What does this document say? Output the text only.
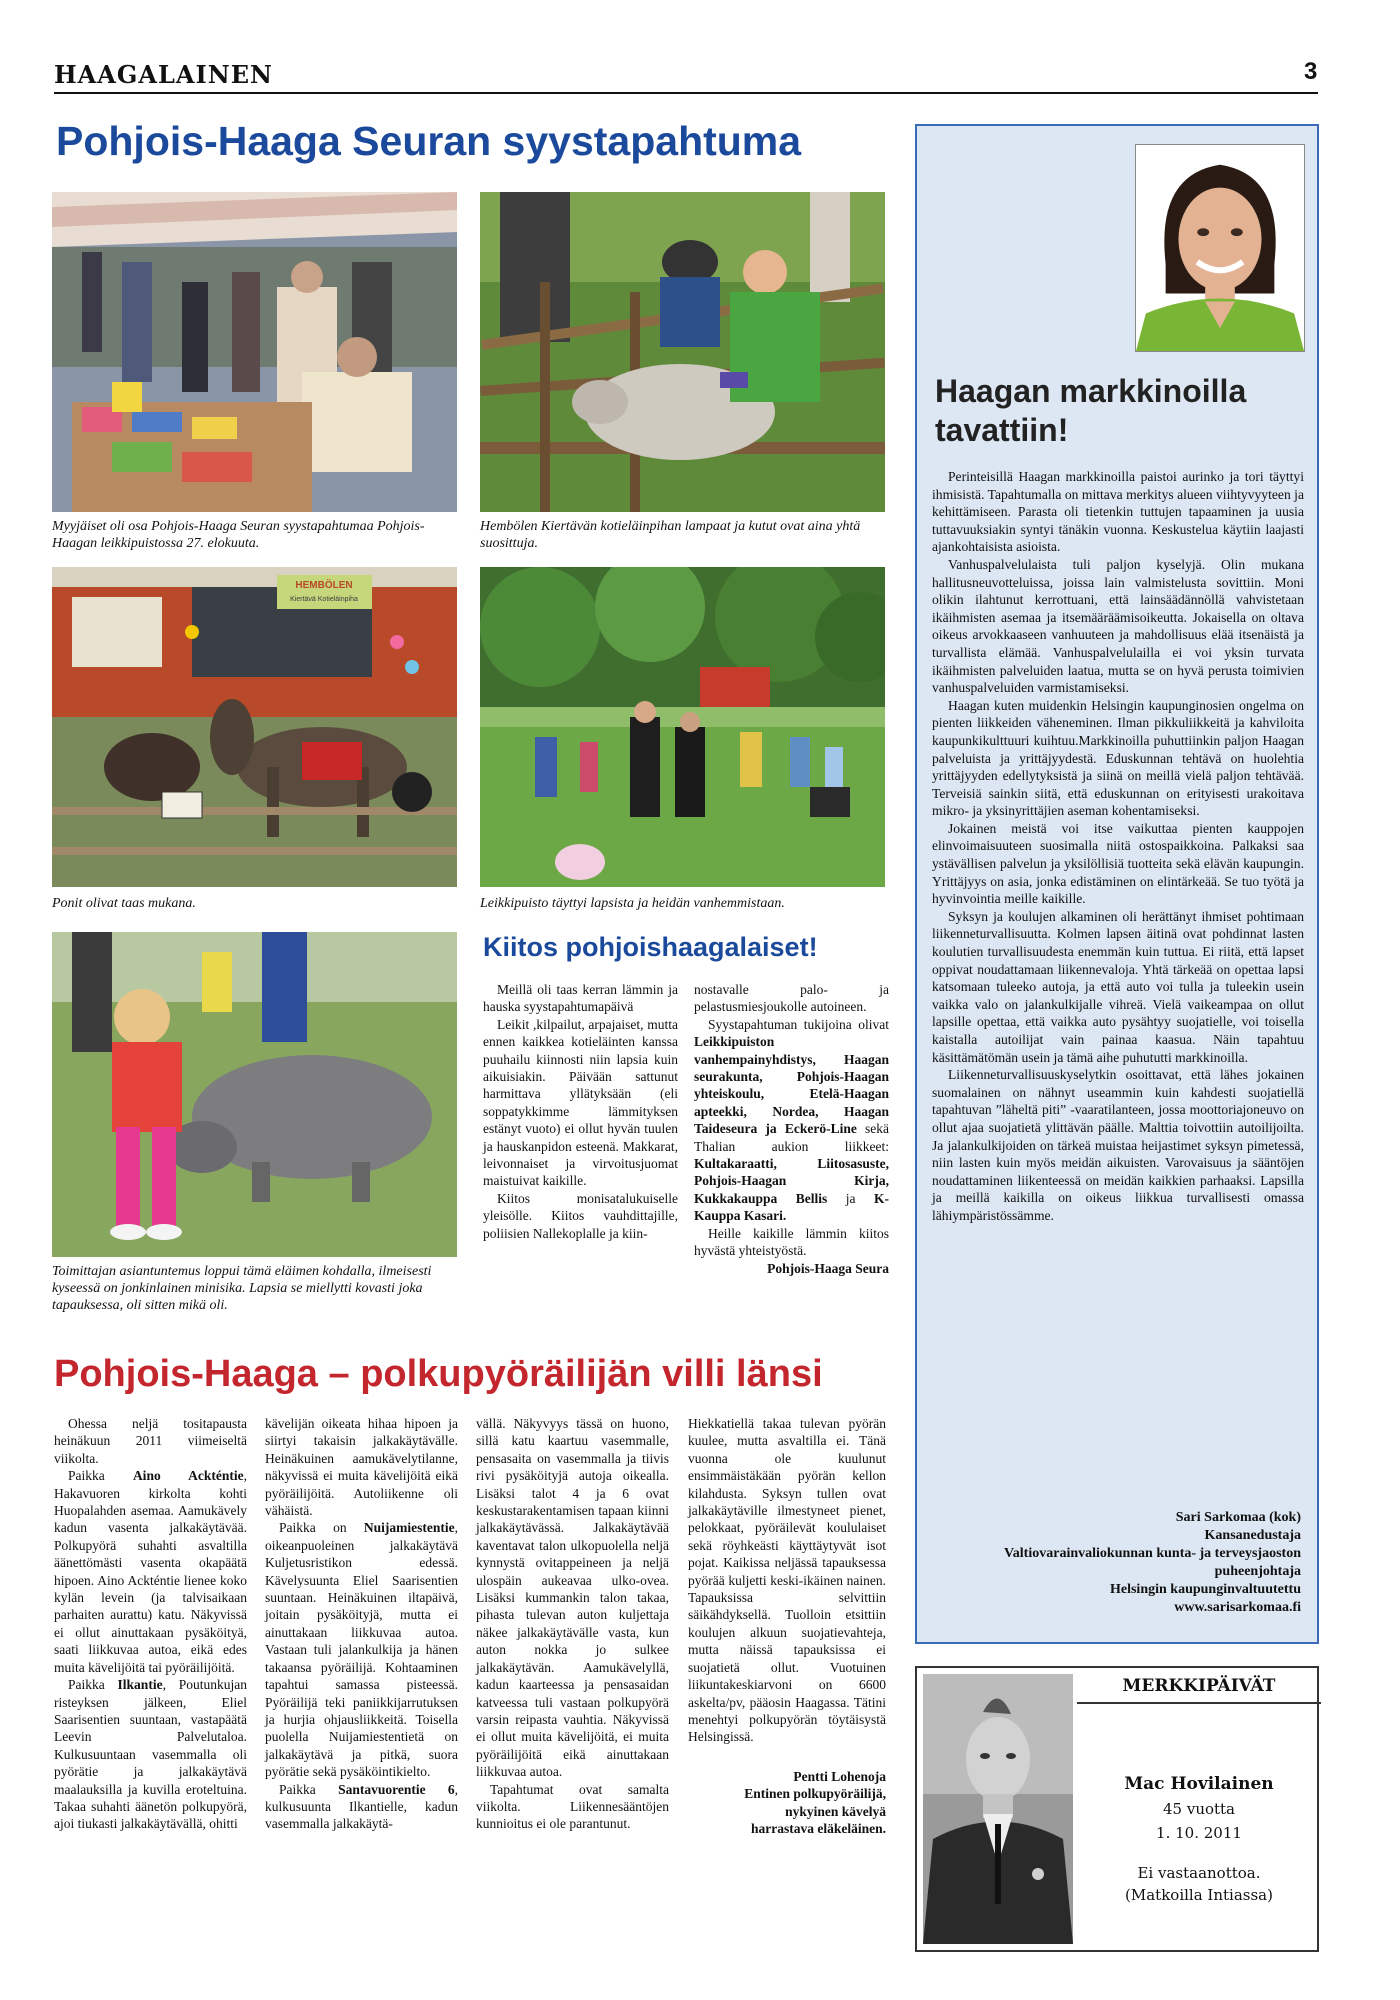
HAAGALAINEN	3
Pohjois-Haaga Seuran syystapahtuma
Myyjäiset oli osa Pohjois-Haaga Seuran syystapahtumaa Pohjois-Haagan leikkipuistossa 27. elokuuta.
Hembölen Kiertävän kotieläinpihan lampaat ja kutut ovat aina yhtä suosittuja.
HEMBÖLEN
Kiertävä Kotieläinpiha
Ponit olivat taas mukana.	Leikkipuisto täyttyi lapsista ja heidän vanhemmistaan.
Toimittajan asiantuntemus loppui tämä eläimen kohdalla, ilmeisesti kyseessä on jonkinlainen minisika. Lapsia se miellytti kovasti joka tapauksessa, oli sitten mikä oli.
Kiitos pohjoishaagalaiset!

Meillä oli taas kerran lämmin ja hauska syystapahtumapäivä

Leikit ,kilpailut, arpajaiset, mutta ennen kaikkea kotieläinten kanssa puuhailu kiinnosti niin lapsia kuin aikuisiakin. Päivään sattunut harmittava yllätyksään (eli soppatykkimme lämmityksen estänyt vuoto) ei ollut hyvän tuulen ja hauskanpidon esteenä. Makkarat, leivonnaiset ja virvoitusjuomat maistuivat kaikille.

Kiitos monisatalukuiselle yleisölle. Kiitos vauhdittajille, poliisien Nallekoplalle ja kiin-

nostavalle palo- ja pelastusmiesjoukolle autoineen.

Syystapahtuman tukijoina olivat Leikkipuiston vanhempainyhdistys, Haagan seurakunta, Pohjois-Haagan yhteiskoulu, Etelä-Haagan apteekki, Nordea, Haagan Taideseura ja Eckerö-Line sekä Thalian aukion liikkeet: Kultakaraatti, Liitosasuste, Pohjois-Haagan Kirja, Kukkakauppa Bellis ja K-Kauppa Kasari.

Heille kaikille lämmin kiitos hyvästä yhteistyöstä.

Pohjois-Haaga Seura

Pohjois-Haaga – polkupyöräilijän villi länsi

Ohessa neljä tositapausta heinäkuun 2011 viimeiseltä viikolta.

Paikka Aino Ackténtie, Hakavuoren kirkolta kohti Huopalahden asemaa. Aamukävely kadun vasenta jalkakäytävää. Polkupyörä suhahti asvaltilla äänettömästi vasenta okapäätä hipoen. Aino Ackténtie lienee koko kylän levein (ja talvisaikaan parhaiten aurattu) katu. Näkyvissä ei ollut ainuttakaan pysäköityä, saati liikkuvaa autoa, eikä edes muita kävelijöitä tai pyöräilijöitä.

Paikka Ilkantie, Poutunkujan risteyksen jälkeen, Eliel Saarisentien suuntaan, vastapäätä Leevin Palvelutaloa. Kulkusuuntaan vasemmalla oli pyörätie ja jalkakäytävä maalauksilla ja kuvilla eroteltuina. Takaa suhahti äänetön polkupyörä, ajoi tiukasti jalkakäytävällä, ohitti

kävelijän oikeata hihaa hipoen ja siirtyi takaisin jalkakäytävälle. Heinäkuinen aamukävelytilanne, näkyvissä ei muita kävelijöitä eikä pyöräilijöitä. Autoliikenne oli vähäistä.

Paikka on Nuijamiestentie, oikeanpuoleinen jalkakäytävä Kuljetusristikon edessä. Kävelysuunta Eliel Saarisentien suuntaan. Heinäkuinen iltapäivä, joitain pysäköityjä, mutta ei ainuttakaan liikkuvaa autoa. Vastaan tuli jalankulkija ja hänen takaansa pyöräilijä. Kohtaaminen tapahtui samassa pisteessä. Pyöräilijä teki paniikkijarrutuksen ja hurjia ohjausliikkeitä. Toisella puolella Nuijamiestentietä on jalkakäytävä ja pitkä, suora pyörätie sekä pysäköintikielto.

Paikka Santavuorentie 6, kulkusuunta Ilkantielle, kadun vasemmalla jalkakäytä-

vällä. Näkyvyys tässä on huono, sillä katu kaartuu vasemmalle, pensasaita on vasemmalla ja tiivis rivi pysäköityjä autoja oikealla. Lisäksi talot 4 ja 6 ovat keskustarakentamisen tapaan kiinni jalkakäytävässä. Jalkakäytävää kaventavat talon ulkopuolella neljä kynnystä ovitappeineen ja neljä ulospäin aukeavaa ulko-ovea. Lisäksi kummankin talon takaa, pihasta tulevan auton kuljettaja näkee jalkakäytävälle vasta, kun auton nokka jo sulkee jalkakäytävän. Aamukävelyllä, kadun kaarteessa ja pensasaidan katveessa tuli vastaan polkupyörä varsin reipasta vauhtia. Näkyvissä ei ollut muita kävelijöitä, ei muita pyöräilijöitä eikä ainuttakaan liikkuvaa autoa.

Tapahtumat ovat samalta viikolta. Liikennesääntöjen kunnioitus ei ole parantunut.

Hiekkatiellä takaa tulevan pyörän kuulee, mutta asvaltilla ei. Tänä vuonna ole kuulunut ensimmäistäkään pyörän kellon kilahdusta. Syksyn tullen ovat jalkakäytäville ilmestyneet pienet, pelokkaat, pyöräilevät koululaiset sekä röyhkeästi käyttäytyvät isot pojat. Kaikissa neljässä tapauksessa pyörää kuljetti keski-ikäinen nainen. Tapauksissa selvittiin säikähdyksellä. Tuolloin etsittiin koulujen alkuun suojatievahteja, mutta näissä tapauksissa ei suojatietä ollut. Vuotuinen liikuntakeskiarvoni on 6600 askelta/pv, pääosin Haagassa. Tätini menehtyi polkupyörän töytäisystä Helsingissä.

Pentti Lohenoja
Entinen polkupyöräilijä,
nykyinen kävelyä
harrastava eläkeläinen.
Haagan markkinoilla tavattiin!

Perinteisillä Haagan markkinoilla paistoi aurinko ja tori täyttyi ihmisistä. Tapahtumalla on mittava merkitys alueen viihtyvyyteen ja kehittämiseen. Parasta oli tietenkin tuttujen tapaaminen ja uusia tuttavuuksiakin syntyi tänäkin vuonna. Keskustelua käytiin laajasti ajankohtaisista asioista.

Vanhuspalvelulaista tuli paljon kyselyjä. Olin mukana hallitusneuvotteluissa, joissa lain valmistelusta sovittiin. Moni olikin ilahtunut kerrottuani, että lainsäädännöllä vahvistetaan ikäihmisten asemaa ja itsemääräämisoikeutta. Jokaisella on oltava oikeus arvokkaaseen vanhuuteen ja mahdollisuus elää itsenäistä ja turvallista elämää. Vanhuspalvelulailla ei voi yksin turvata ikäihmisten palveluiden laatua, mutta se on hyvä perusta toimivien vanhuspalveluiden varmistamiseksi.

Haagan kuten muidenkin Helsingin kaupunginosien ongelma on pienten liikkeiden väheneminen. Ilman pikkuliikkeitä ja kahviloita kaupunkikulttuuri kuihtuu.Markkinoilla puhuttiinkin paljon Haagan palveluista ja yrittäjyydestä. Eduskunnan tehtävä on huolehtia yrittäjyyden edellytyksistä ja siinä on meillä vielä paljon tehtävää. Terveisiä sainkin siitä, että eduskunnan on erityisesti urakoitava mikro- ja yksinyrittäjien aseman kohentamiseksi.

Jokainen meistä voi itse vaikuttaa pienten kauppojen elinvoimaisuuteen suosimalla niitä ostospaikkoina. Palkaksi saa ystävällisen palvelun ja yksilöllisiä tuotteita sekä elävän kaupungin. Yrittäjyys on asia, jonka edistäminen on elintärkeää. Se tuo työtä ja hyvinvointia meille kaikille.

Syksyn ja koulujen alkaminen oli herättänyt ihmiset pohtimaan liikenneturvallisuutta. Kolmen lapsen äitinä ovat pohdinnat lasten koulutien turvallisuudesta enemmän kuin tuttua. Ei riitä, että lapset oppivat noudattamaan liikennevaloja. Yhtä tärkeää on opettaa lapsi katsomaan tuleeko autoja, ja että auto voi tulla ja tuleekin usein vaikka valo on jalankulkijalle vihreä. Vielä vaikeampaa on ollut lapsille opettaa, että vaikka auto pysähtyy suojatielle, voi toisella kaistalla autoilijat vain painaa kaasua. Näin tapahtuu käsittämätömän usein ja tämä aihe puhututti markkinoilla.

Liikenneturvallisuuskyselytkin osoittavat, että lähes jokainen suomalainen on nähnyt useammin kuin kahdesti suojatiellä tapahtuvan ”läheltä piti” -vaaratilanteen, jossa moottoriajoneuvo on ollut ajaa suojatietä ylittävän päälle. Malttia toivottiin autoilijoilta. Ja jalankulkijoiden on tärkeä muistaa heijastimet syksyn pimetessä, niin lasten kuin myös meidän aikuisten. Varovaisuus ja sääntöjen noudattaminen liikenteessä on meidän kaikkien parhaaksi. Lapsilla ja meillä kaikilla on oikeus liikkua turvallisesti omassa lähiympäristössämme.

Sari Sarkomaa (kok)
Kansanedustaja
Valtiovarainvaliokunnan kunta- ja terveysjaoston puheenjohtaja
Helsingin kaupunginvaltuutettu
www.sarisarkomaa.fi
MERKKIPÄIVÄT
Mac Hovilainen
45 vuotta
1. 10. 2011
Ei vastaanottoa.
(Matkoilla Intiassa)
